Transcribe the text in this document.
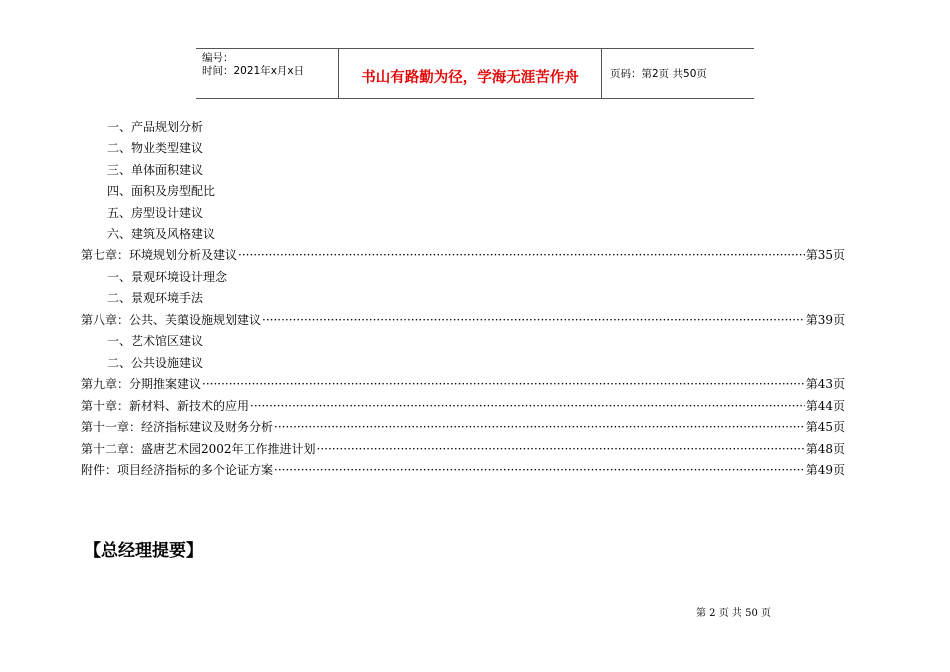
编号：
时间：2021年x月x日	书山有路勤为径，学海无涯苦作舟	页码：第2页 共50页
一、产品规划分析
二、物业类型建议
三、单体面积建议
四、面积及房型配比
五、房型设计建议
六、建筑及风格建议
第七章：环境规划分析及建议 ·····	第35页
一、景观环境设计理念
二、景观环境手法
第八章：公共、芙蕖设施规划建议 ·····	第39页
一、艺术馆区建议
二、公共设施建议
第九章：分期推案建议 ·····	第43页
第十章：新材料、新技术的应用 ·····	第44页
第十一章：经济指标建议及财务分析 ·····	第45页
第十二章：盛唐艺术园2002年工作推进计划 ·····	第48页
附件：项目经济指标的多个论证方案 ·····	第49页
【总经理提要】
第 2 页 共 50 页
